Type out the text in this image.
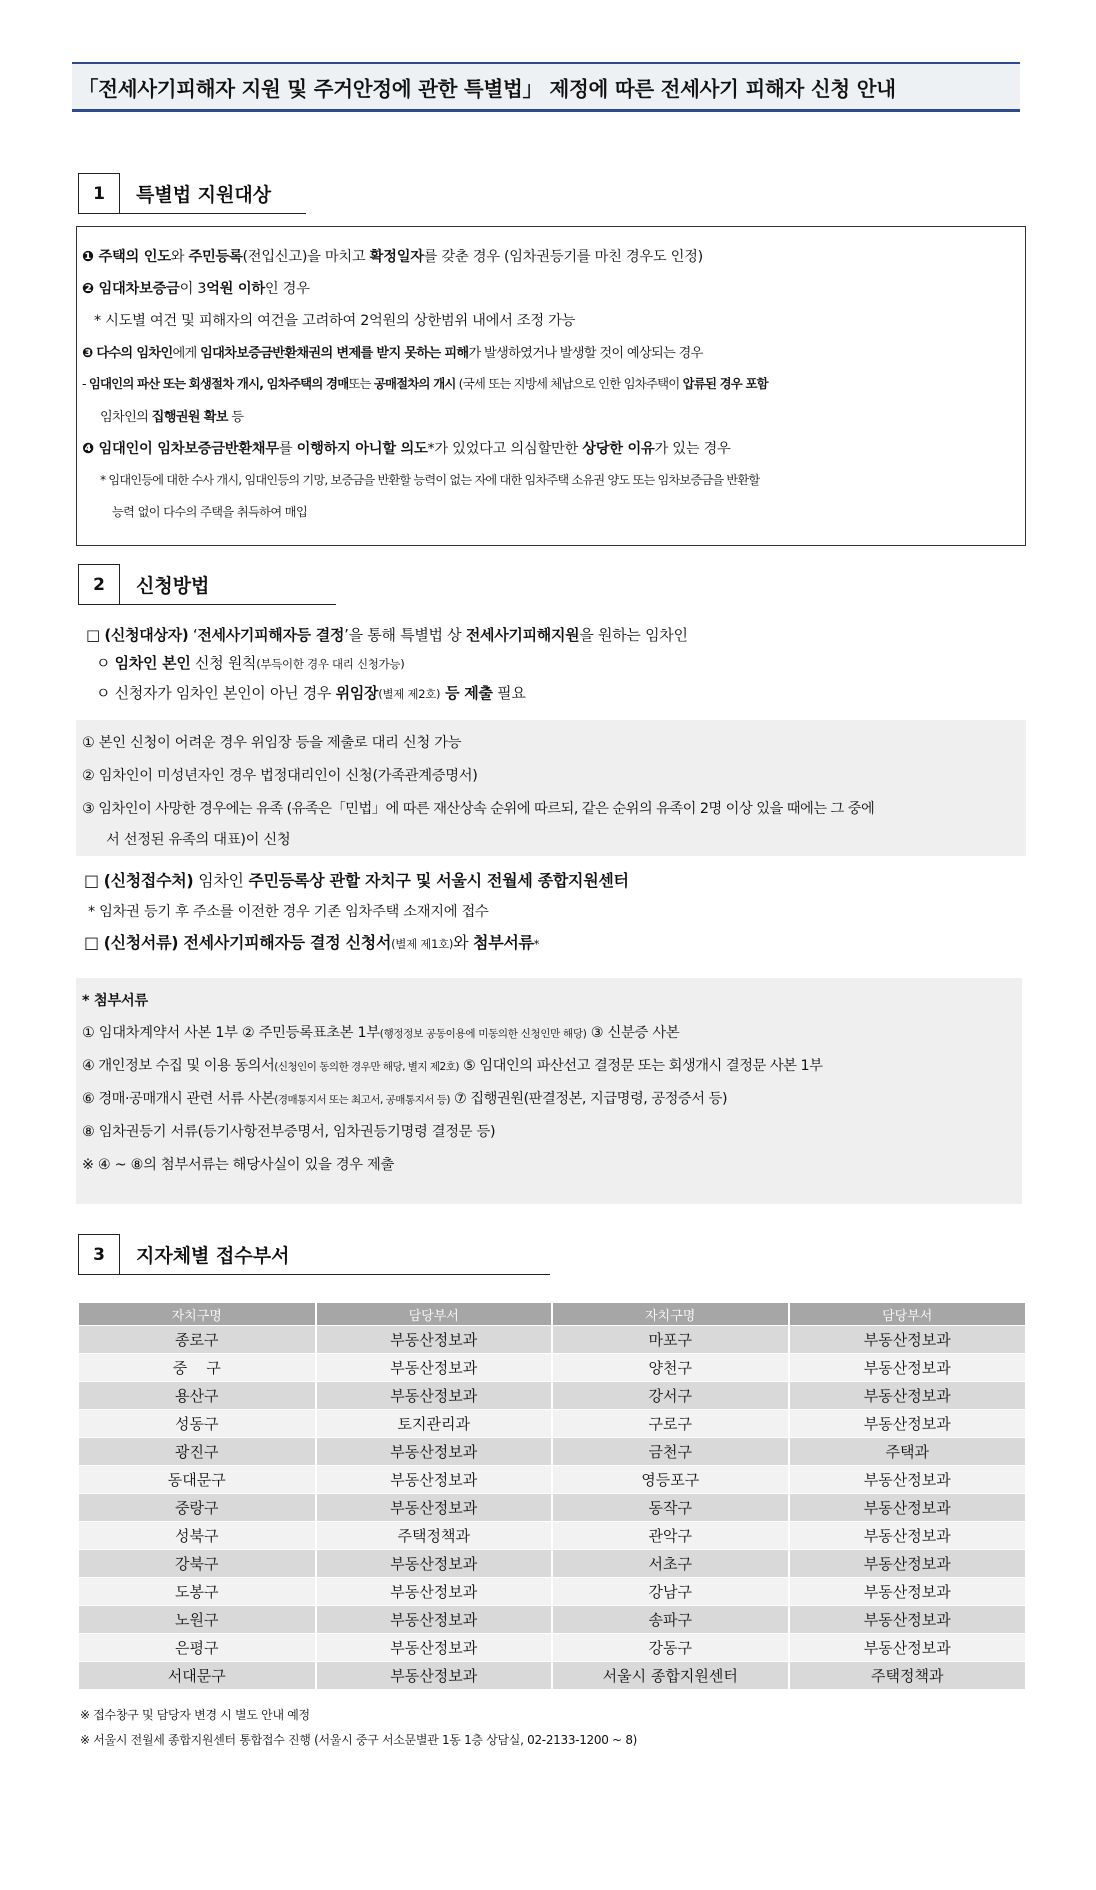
「전세사기피해자 지원 및 주거안정에 관한 특별법」 제정에 따른 전세사기 피해자 신청 안내
1	특별법 지원대상
❶ 주택의 인도와 주민등록(전입신고)을 마치고 확정일자를 갖춘 경우 (임차권등기를 마친 경우도 인정)
❷ 임대차보증금이 3억원 이하인 경우
* 시도별 여건 및 피해자의 여건을 고려하여 2억원의 상한범위 내에서 조정 가능
❸ 다수의 임차인에게 임대차보증금반환채권의 변제를 받지 못하는 피해가 발생하였거나 발생할 것이 예상되는 경우
- 임대인의 파산 또는 회생절차 개시, 임차주택의 경매또는 공매절차의 개시 (국세 또는 지방세 체납으로 인한 임차주택이 압류된 경우 포함
임차인의 집행권원 확보 등
❹ 임대인이 임차보증금반환채무를 이행하지 아니할 의도*가 있었다고 의심할만한 상당한 이유가 있는 경우
* 임대인등에 대한 수사 개시, 임대인등의 기망, 보증금을 반환할 능력이 없는 자에 대한 임차주택 소유권 양도 또는 임차보증금을 반환할
능력 없이 다수의 주택을 취득하여 매입
2	신청방법
□ (신청대상자) ‘전세사기피해자등 결정’을 통해 특별법 상 전세사기피해지원을 원하는 임차인
ㅇ 임차인 본인 신청 원칙(부득이한 경우 대리 신청가능)
ㅇ 신청자가 임차인 본인이 아닌 경우 위임장(별제 제2호) 등 제출 필요
① 본인 신청이 어려운 경우 위임장 등을 제출로 대리 신청 가능
② 임차인이 미성년자인 경우 법정대리인이 신청(가족관계증명서)
③ 임차인이 사망한 경우에는 유족 (유족은「민법」에 따른 재산상속 순위에 따르되, 같은 순위의 유족이 2명 이상 있을 때에는 그 중에
서 선정된 유족의 대표)이 신청
□ (신청접수처) 임차인 주민등록상 관할 자치구 및 서울시 전월세 종합지원센터
* 임차권 등기 후 주소를 이전한 경우 기존 임차주택 소재지에 접수
□ (신청서류) 전세사기피해자등 결정 신청서(별제 제1호)와 첨부서류*
* 첨부서류
① 임대차계약서 사본 1부 ② 주민등록표초본 1부(행정정보 공동이용에 미동의한 신청인만 해당) ③ 신분증 사본
④ 개인정보 수집 및 이용 동의서(신청인이 동의한 경우만 해당, 별지 제2호) ⑤ 임대인의 파산선고 결정문 또는 회생개시 결정문 사본 1부
⑥ 경매·공매개시 관련 서류 사본(경매통지서 또는 최고서, 공매통지서 등) ⑦ 집행권원(판결정본, 지급명령, 공정증서 등)
⑧ 임차권등기 서류(등기사항전부증명서, 임차권등기명령 결정문 등)
※ ④ ~ ⑧의 첨부서류는 해당사실이 있을 경우 제출
3	지자체별 접수부서
자치구명	담당부서	자치구명	담당부서
종로구	부동산정보과	마포구	부동산정보과
중    구	부동산정보과	양천구	부동산정보과
용산구	부동산정보과	강서구	부동산정보과
성동구	토지관리과	구로구	부동산정보과
광진구	부동산정보과	금천구	주택과
동대문구	부동산정보과	영등포구	부동산정보과
중랑구	부동산정보과	동작구	부동산정보과
성북구	주택정책과	관악구	부동산정보과
강북구	부동산정보과	서초구	부동산정보과
도봉구	부동산정보과	강남구	부동산정보과
노원구	부동산정보과	송파구	부동산정보과
은평구	부동산정보과	강동구	부동산정보과
서대문구	부동산정보과	서울시 종합지원센터	주택정책과
※ 접수창구 및 담당자 변경 시 별도 안내 예정
※ 서울시 전월세 종합지원센터 통합접수 진행 (서울시 중구 서소문별관 1동 1층 상담실, 02-2133-1200 ~ 8)
